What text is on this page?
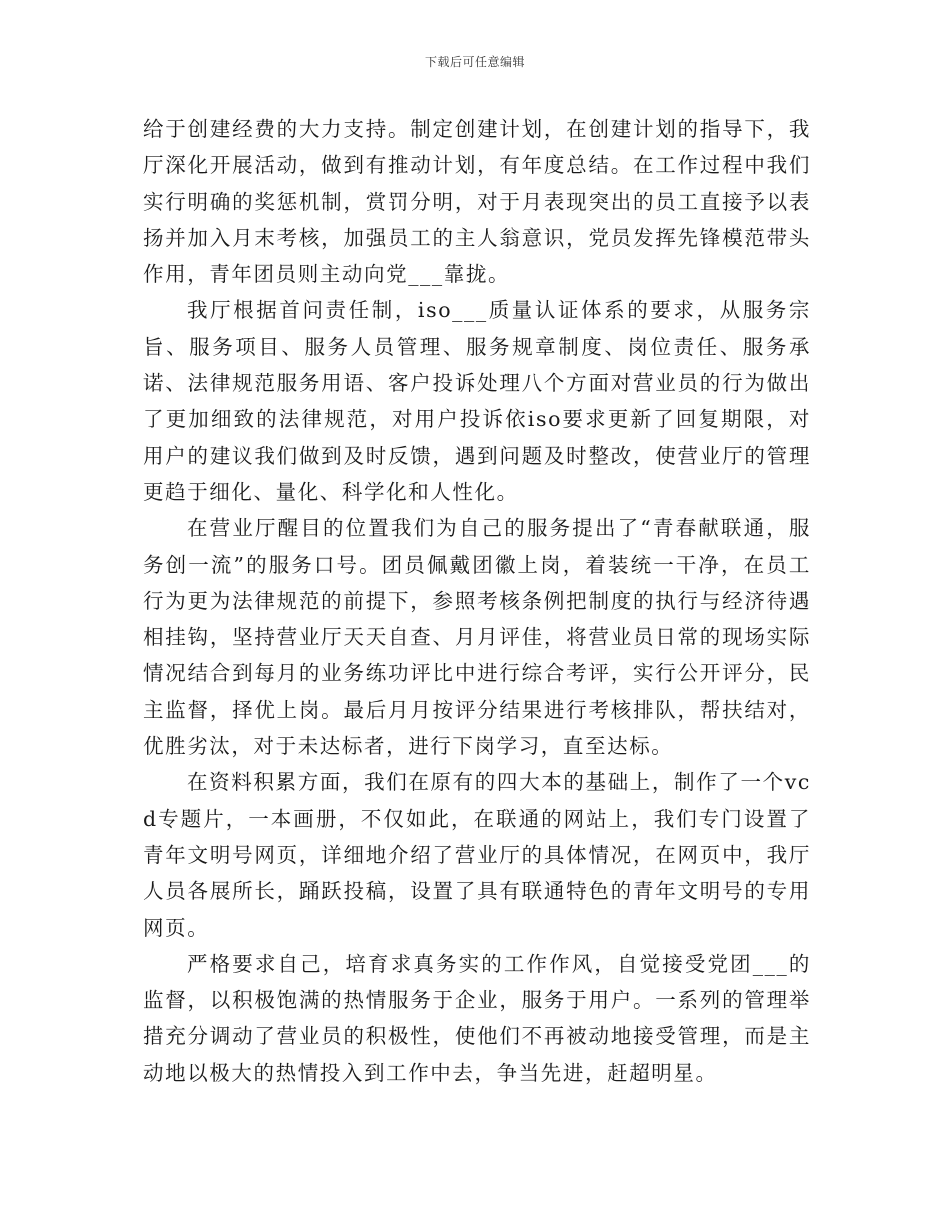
下载后可任意编辑

给于创建经费的大力支持。制定创建计划，在创建计划的指导下，我厅深化开展活动，做到有推动计划，有年度总结。在工作过程中我们实行明确的奖惩机制，赏罚分明，对于月表现突出的员工直接予以表扬并加入月末考核，加强员工的主人翁意识，党员发挥先锋模范带头作用，青年团员则主动向党___靠拢。

我厅根据首问责任制，iso___质量认证体系的要求，从服务宗旨、服务项目、服务人员管理、服务规章制度、岗位责任、服务承诺、法律规范服务用语、客户投诉处理八个方面对营业员的行为做出了更加细致的法律规范，对用户投诉依iso要求更新了回复期限，对用户的建议我们做到及时反馈，遇到问题及时整改，使营业厅的管理更趋于细化、量化、科学化和人性化。

在营业厅醒目的位置我们为自己的服务提出了“青春献联通，服务创一流”的服务口号。团员佩戴团徽上岗，着装统一干净，在员工行为更为法律规范的前提下，参照考核条例把制度的执行与经济待遇相挂钩，坚持营业厅天天自查、月月评佳，将营业员日常的现场实际情况结合到每月的业务练功评比中进行综合考评，实行公开评分，民主监督，择优上岗。最后月月按评分结果进行考核排队，帮扶结对，优胜劣汰，对于未达标者，进行下岗学习，直至达标。

在资料积累方面，我们在原有的四大本的基础上，制作了一个vcd专题片，一本画册，不仅如此，在联通的网站上，我们专门设置了青年文明号网页，详细地介绍了营业厅的具体情况，在网页中，我厅人员各展所长，踊跃投稿，设置了具有联通特色的青年文明号的专用网页。

严格要求自己，培育求真务实的工作作风，自觉接受党团___的监督，以积极饱满的热情服务于企业，服务于用户。一系列的管理举措充分调动了营业员的积极性，使他们不再被动地接受管理，而是主动地以极大的热情投入到工作中去，争当先进，赶超明星。
